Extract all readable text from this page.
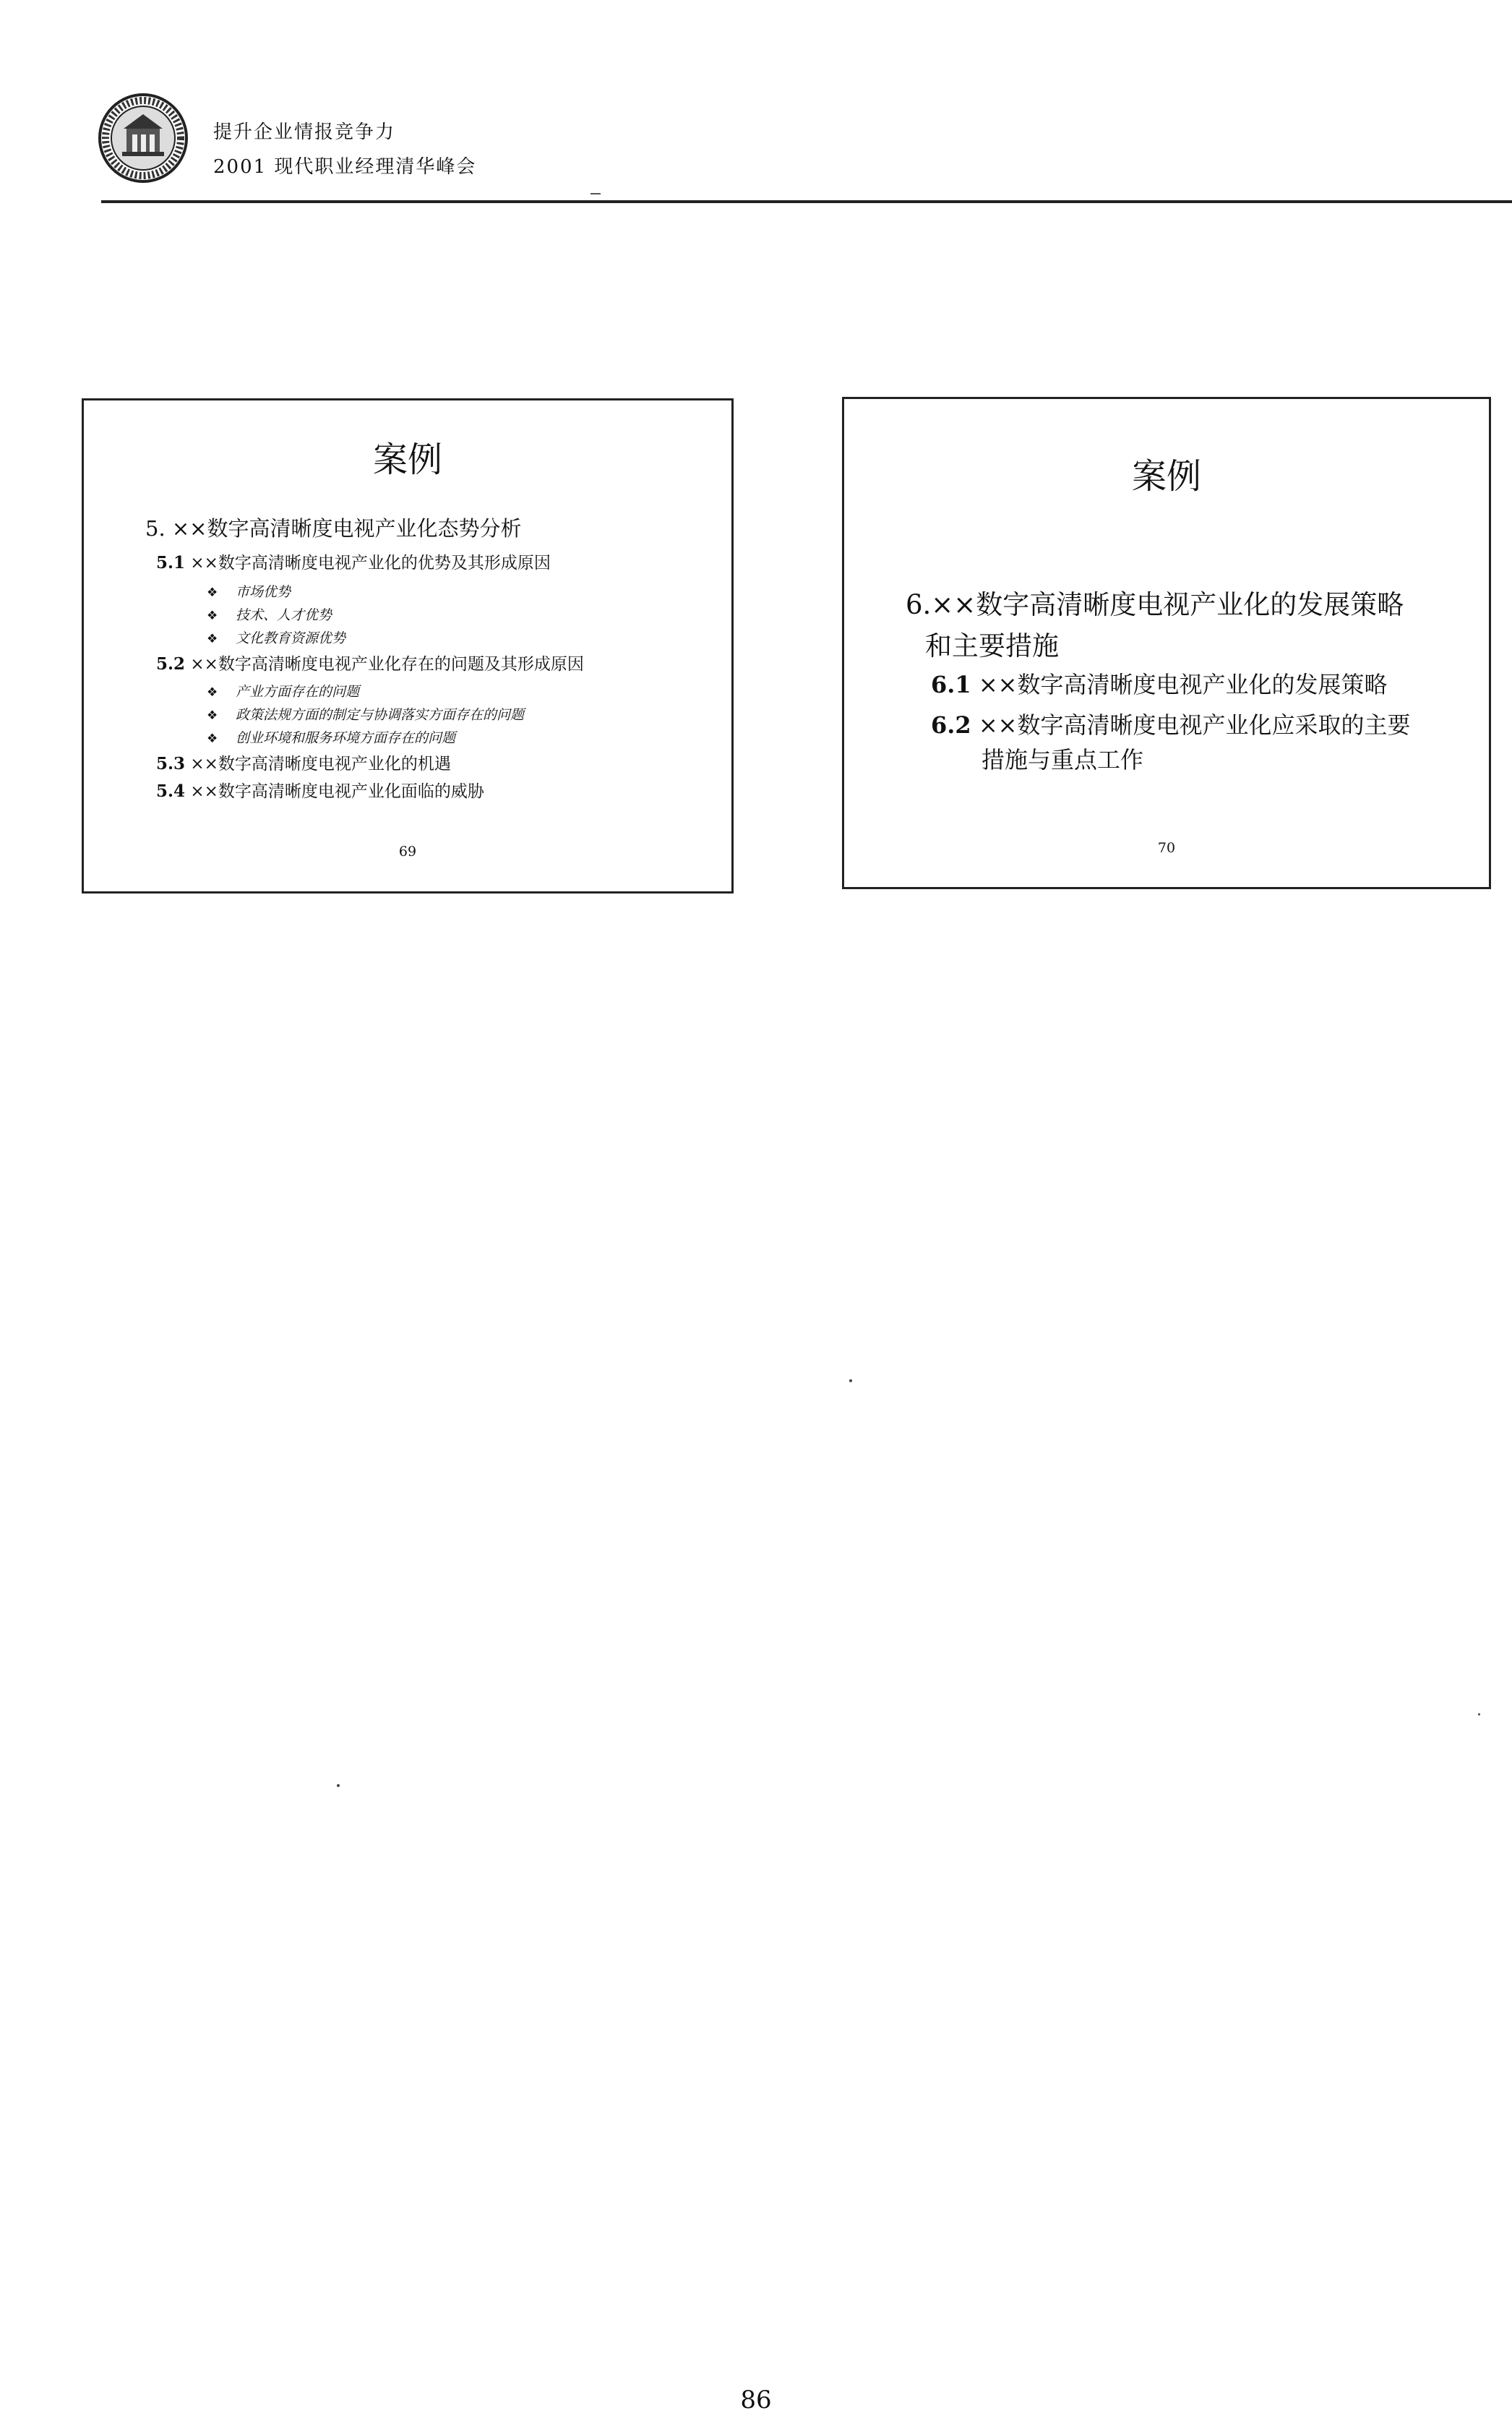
提升企业情报竞争力
2001 现代职业经理清华峰会
案例
5. ××数字高清晰度电视产业化态势分析
5.1 ××数字高清晰度电视产业化的优势及其形成原因
❖ 市场优势
❖ 技术、人才优势
❖ 文化教育资源优势
5.2 ××数字高清晰度电视产业化存在的问题及其形成原因
❖ 产业方面存在的问题
❖ 政策法规方面的制定与协调落实方面存在的问题
❖ 创业环境和服务环境方面存在的问题
5.3 ××数字高清晰度电视产业化的机遇
5.4 ××数字高清晰度电视产业化面临的威胁
69
案例
6.××数字高清晰度电视产业化的发展策略
和主要措施
6.1 ××数字高清晰度电视产业化的发展策略
6.2 ××数字高清晰度电视产业化应采取的主要
措施与重点工作
70
86
